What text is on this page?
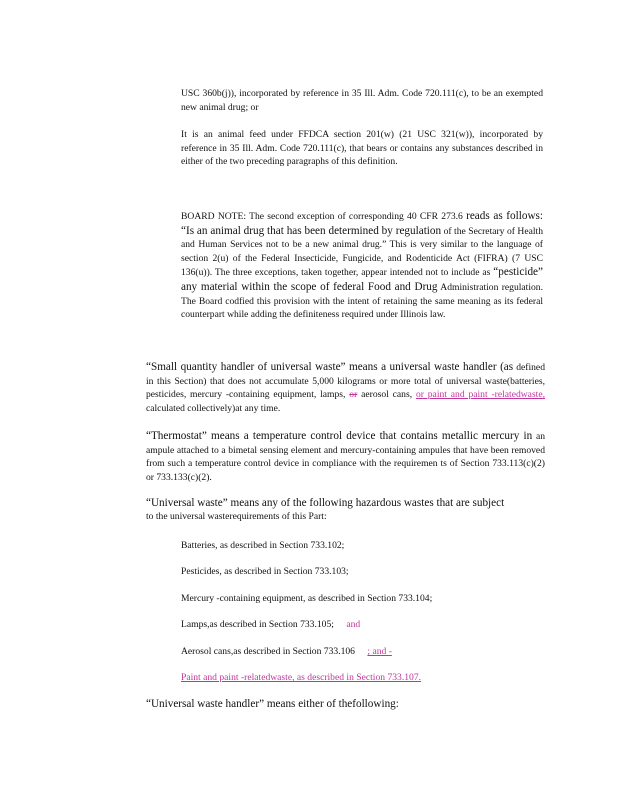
USC 360b(j)), incorporated by reference in 35 Ill. Adm. Code 720.111(c), to be an exempted new animal drug; or
It is an animal feed under FFDCA section 201(w) (21 USC 321(w)), incorporated by reference in 35 Ill. Adm. Code 720.111(c), that bears or contains any substances described in either of the two preceding paragraphs of this definition.
BOARD NOTE: The second exception of corresponding 40 CFR 273.6 reads as follows: “Is an animal drug that has been determined by regulation of the Secretary of Health and Human Services not to be a new animal drug.” This is very similar to the language of section 2(u) of the Federal Insecticide, Fungicide, and Rodenticide Act (FIFRA) (7 USC 136(u)). The three exceptions, taken together, appear intended not to include as “pesticide” any material within the scope of federal Food and Drug Administration regulation. The Board codfied this provision with the intent of retaining the same meaning as its federal counterpart while adding the definiteness required under Illinois law.
“Small quantity handler of universal waste” means a universal waste handler (as defined in this Section) that does not accumulate 5,000 kilograms or more total of universal waste(batteries, pesticides, mercury -containing equipment, lamps, or aerosol cans, or paint and paint -relatedwaste, calculated collectively)at any time.
“Thermostat” means a temperature control device that contains metallic mercury in an ampule attached to a bimetal sensing element and mercury-containing ampules that have been removed from such a temperature control device in compliance with the requiremen ts of Section 733.113(c)(2) or 733.133(c)(2).
“Universal waste” means any of the following hazardous wastes that are subject
to the universal wasterequirements of this Part:
Batteries, as described in Section 733.102;
Pesticides, as described in Section 733.103;
Mercury -containing equipment, as described in Section 733.104;
Lamps,as described in Section 733.105; and
Aerosol cans,as described in Section 733.106 ; and -
Paint and paint -relatedwaste, as described in Section 733.107.
“Universal waste handler” means either of thefollowing:
